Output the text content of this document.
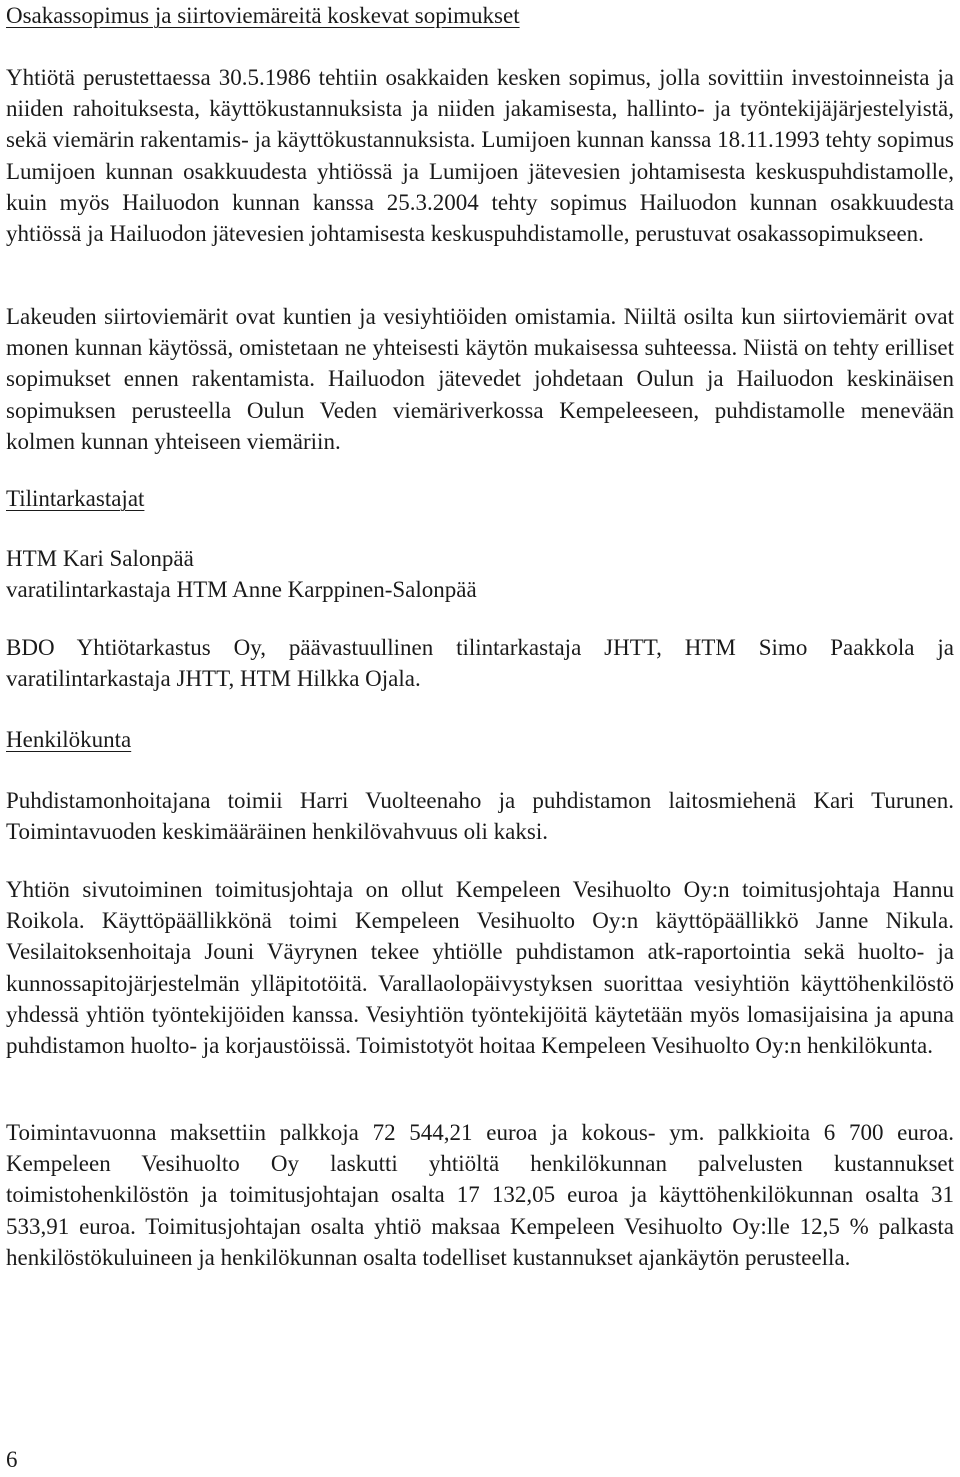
Osakassopimus ja siirtoviemäreitä koskevat sopimukset

Yhtiötä perustettaessa 30.5.1986 tehtiin osakkaiden kesken sopimus, jolla sovittiin investoinneista ja niiden rahoituksesta, käyttökustannuksista ja niiden jakamisesta, hallinto- ja työntekijäjärjestelyistä, sekä viemärin rakentamis- ja käyttökustannuksista. Lumijoen kunnan kanssa 18.11.1993 tehty sopimus Lumijoen kunnan osakkuudesta yhtiössä ja Lumijoen jätevesien johtamisesta keskuspuhdistamolle, kuin myös Hailuodon kunnan kanssa 25.3.2004 tehty sopimus Hailuodon kunnan osakkuudesta yhtiössä ja Hailuodon jätevesien johtamisesta keskuspuhdistamolle, perustuvat osakassopimukseen.

Lakeuden siirtoviemärit ovat kuntien ja vesiyhtiöiden omistamia. Niiltä osilta kun siirtoviemärit ovat monen kunnan käytössä, omistetaan ne yhteisesti käytön mukaisessa suhteessa. Niistä on tehty erilliset sopimukset ennen rakentamista. Hailuodon jätevedet johdetaan Oulun ja Hailuodon keskinäisen sopimuksen perusteella Oulun Veden viemäriverkossa Kempeleeseen, puhdistamolle menevään kolmen kunnan yhteiseen viemäriin.

Tilintarkastajat

HTM Kari Salonpää

varatilintarkastaja HTM Anne Karppinen-Salonpää

BDO Yhtiötarkastus Oy, päävastuullinen tilintarkastaja JHTT, HTM Simo Paakkola ja varatilintarkastaja JHTT, HTM Hilkka Ojala.

Henkilökunta

Puhdistamonhoitajana toimii Harri Vuolteenaho ja puhdistamon laitosmiehenä Kari Turunen. Toimintavuoden keskimääräinen henkilövahvuus oli kaksi.

Yhtiön sivutoiminen toimitusjohtaja on ollut Kempeleen Vesihuolto Oy:n toimitusjohtaja Hannu Roikola. Käyttöpäällikkönä toimi Kempeleen Vesihuolto Oy:n käyttöpäällikkö Janne Nikula. Vesilaitoksenhoitaja Jouni Väyrynen tekee yhtiölle puhdistamon atk-raportointia sekä huolto- ja kunnossapitojärjestelmän ylläpitotöitä. Varallaolopäivystyksen suorittaa vesiyhtiön käyttöhenkilöstö yhdessä yhtiön työntekijöiden kanssa. Vesiyhtiön työntekijöitä käytetään myös lomasijaisina ja apuna puhdistamon huolto- ja korjaustöissä. Toimistotyöt hoitaa Kempeleen Vesihuolto Oy:n henkilökunta.

Toimintavuonna maksettiin palkkoja 72 544,21 euroa ja kokous- ym. palkkioita 6 700 euroa. Kempeleen Vesihuolto Oy laskutti yhtiöltä henkilökunnan palvelusten kustannukset toimistohenkilöstön ja toimitusjohtajan osalta 17 132,05 euroa ja käyttöhenkilökunnan osalta 31 533,91 euroa. Toimitusjohtajan osalta yhtiö maksaa Kempeleen Vesihuolto Oy:lle 12,5 % palkasta henkilöstökuluineen ja henkilökunnan osalta todelliset kustannukset ajankäytön perusteella.

6
